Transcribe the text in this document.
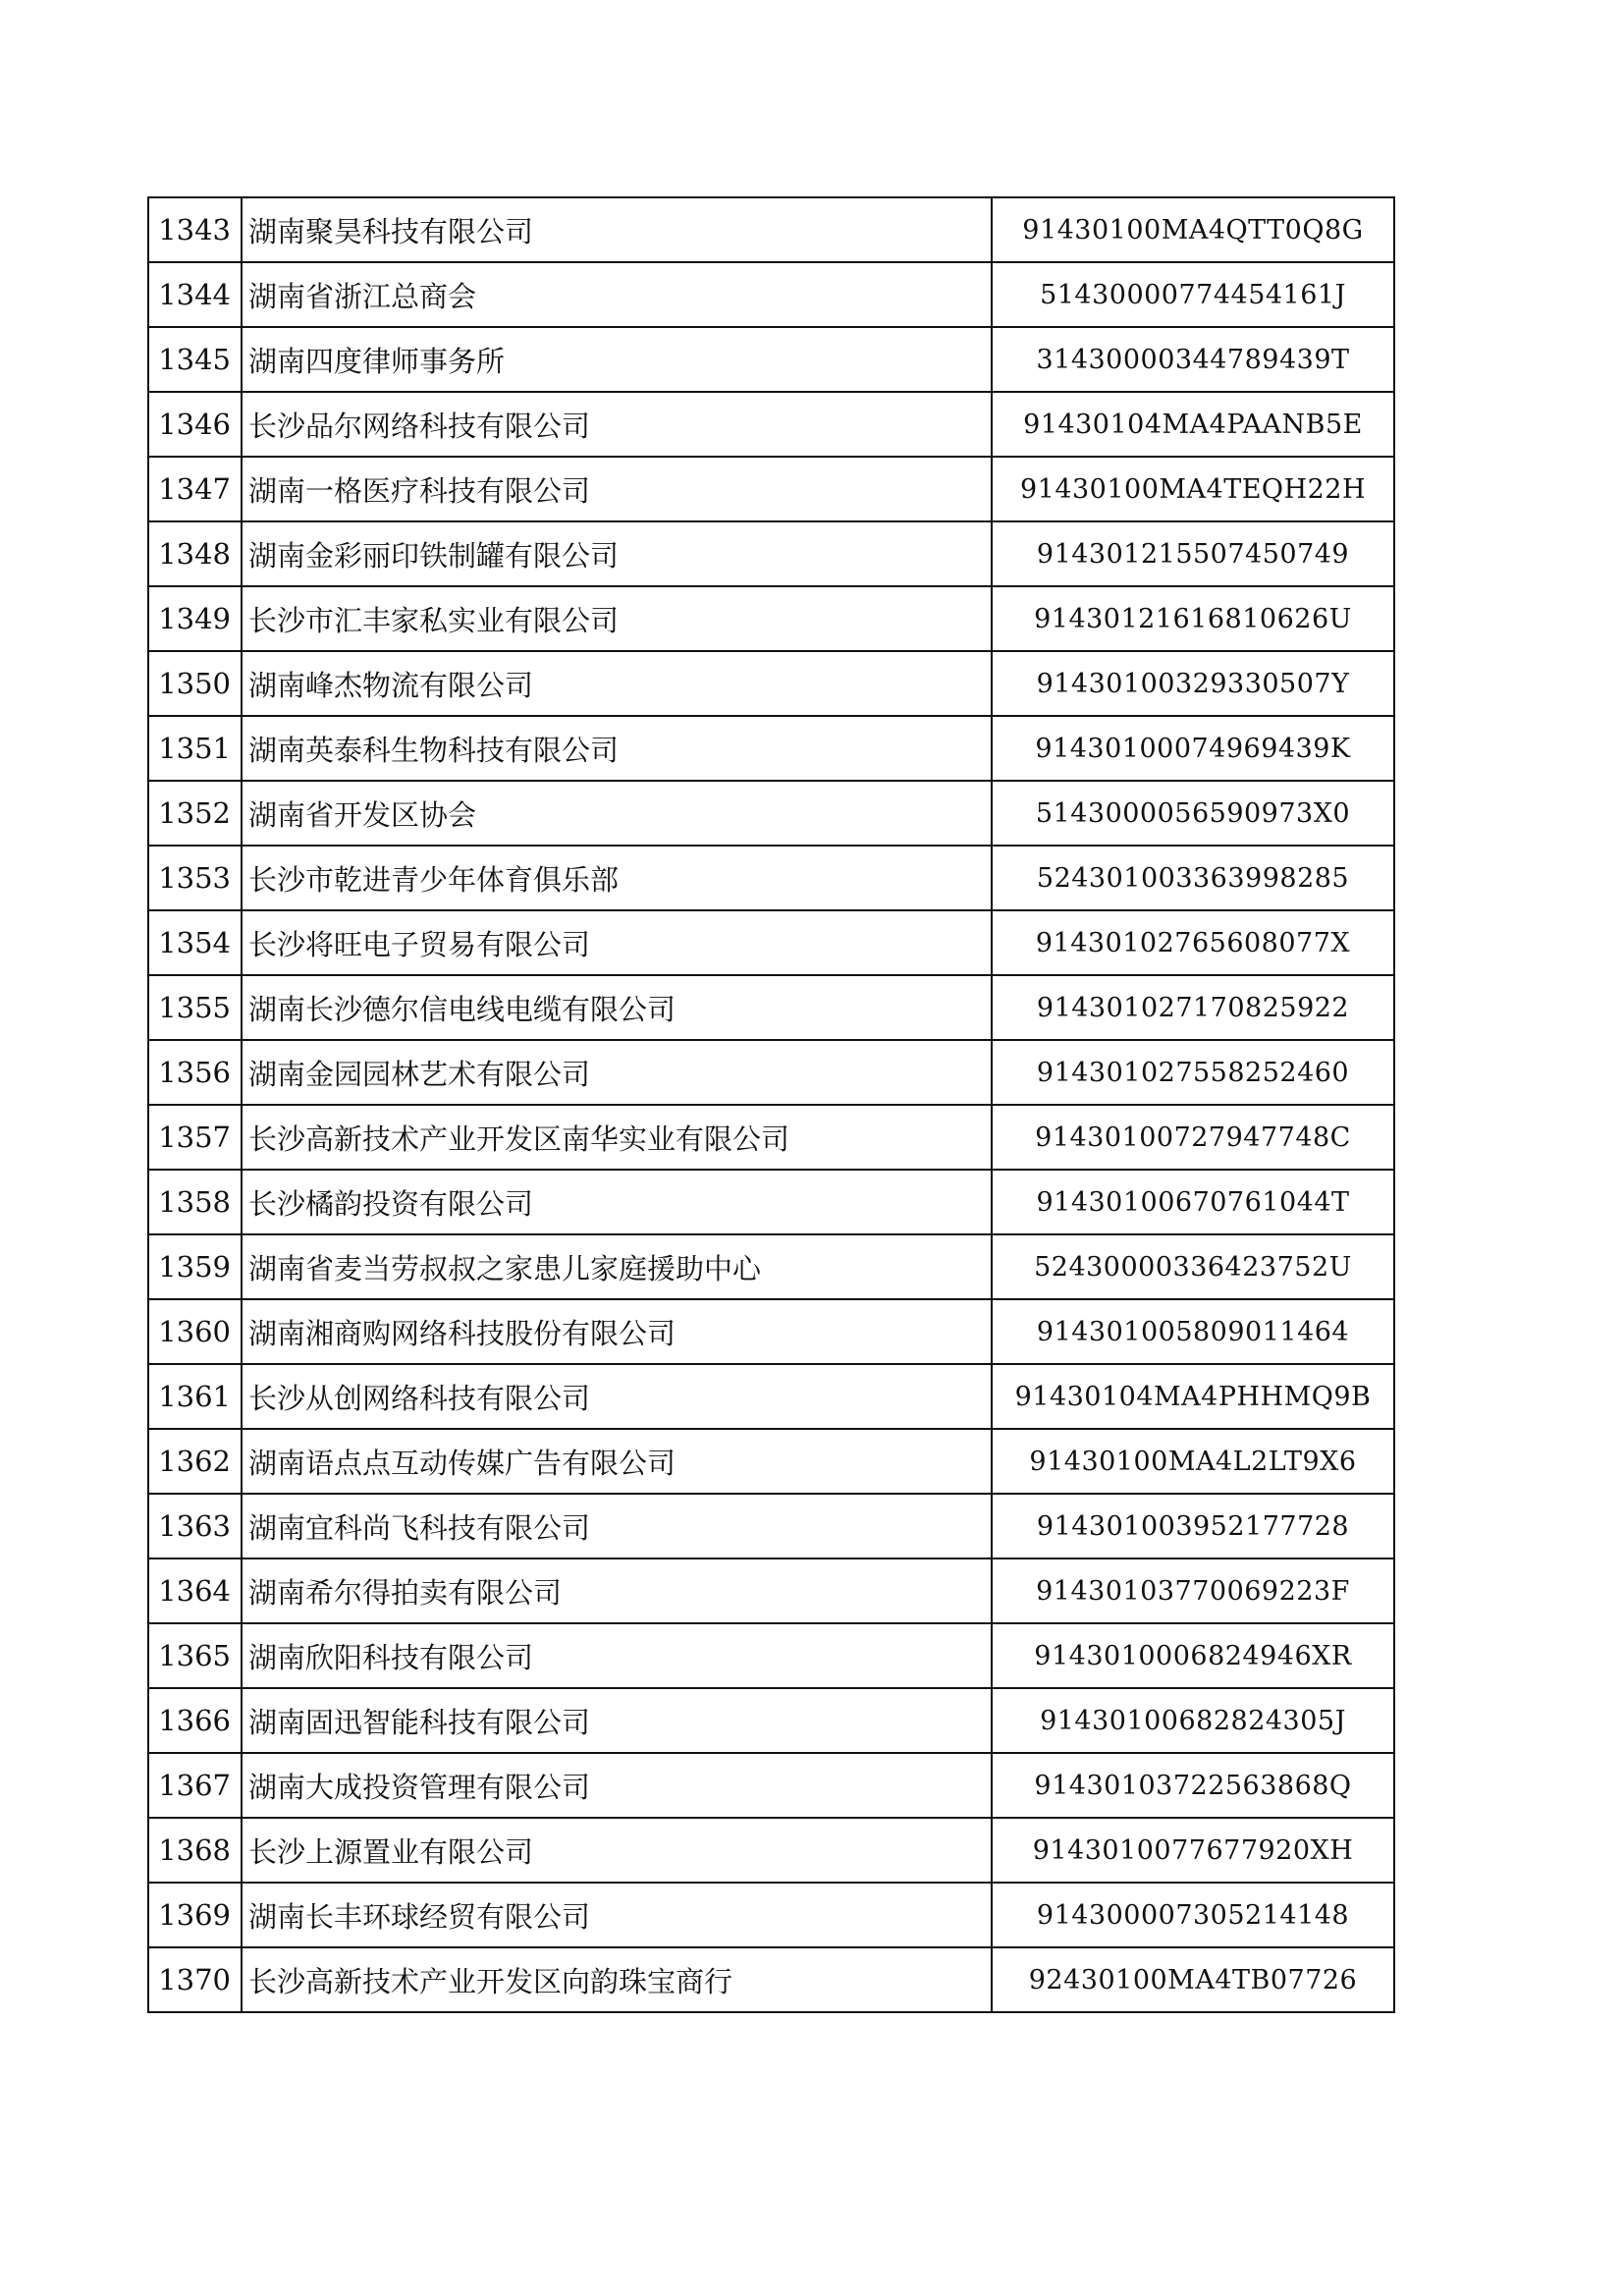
1343	湖南聚昊科技有限公司	91430100MA4QTT0Q8G
1344	湖南省浙江总商会	51430000774454161J
1345	湖南四度律师事务所	31430000344789439T
1346	长沙品尔网络科技有限公司	91430104MA4PAANB5E
1347	湖南一格医疗科技有限公司	91430100MA4TEQH22H
1348	湖南金彩丽印铁制罐有限公司	914301215507450749
1349	长沙市汇丰家私实业有限公司	91430121616810626U
1350	湖南峰杰物流有限公司	91430100329330507Y
1351	湖南英泰科生物科技有限公司	91430100074969439K
1352	湖南省开发区协会	5143000056590973X0
1353	长沙市乾进青少年体育俱乐部	524301003363998285
1354	长沙将旺电子贸易有限公司	91430102765608077X
1355	湖南长沙德尔信电线电缆有限公司	914301027170825922
1356	湖南金园园林艺术有限公司	914301027558252460
1357	长沙高新技术产业开发区南华实业有限公司	91430100727947748C
1358	长沙橘韵投资有限公司	91430100670761044T
1359	湖南省麦当劳叔叔之家患儿家庭援助中心	52430000336423752U
1360	湖南湘商购网络科技股份有限公司	914301005809011464
1361	长沙从创网络科技有限公司	91430104MA4PHHMQ9B
1362	湖南语点点互动传媒广告有限公司	91430100MA4L2LT9X6
1363	湖南宜科尚飞科技有限公司	914301003952177728
1364	湖南希尔得拍卖有限公司	91430103770069223F
1365	湖南欣阳科技有限公司	9143010006824946XR
1366	湖南固迅智能科技有限公司	91430100682824305J
1367	湖南大成投资管理有限公司	91430103722563868Q
1368	长沙上源置业有限公司	9143010077677920XH
1369	湖南长丰环球经贸有限公司	914300007305214148
1370	长沙高新技术产业开发区向韵珠宝商行	92430100MA4TB07726
